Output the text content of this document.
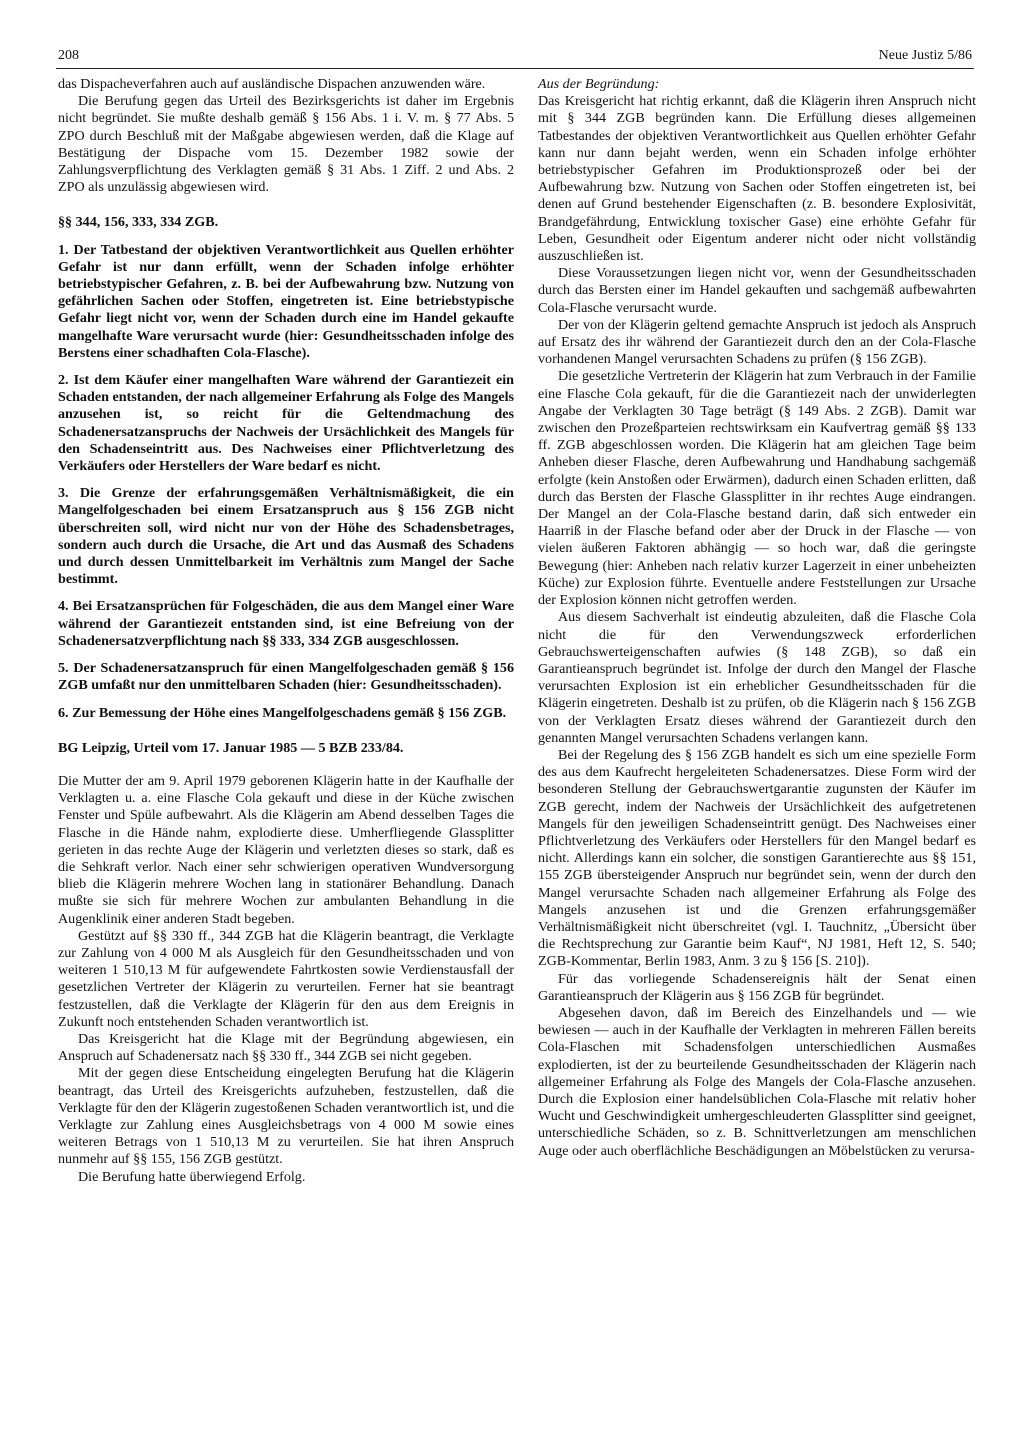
208	Neue Justiz 5/86

das Dispacheverfahren auch auf ausländische Dispachen anzuwenden wäre.

Die Berufung gegen das Urteil des Bezirksgerichts ist daher im Ergebnis nicht begründet. Sie mußte deshalb gemäß § 156 Abs. 1 i. V. m. § 77 Abs. 5 ZPO durch Beschluß mit der Maßgabe abgewiesen werden, daß die Klage auf Bestätigung der Dispache vom 15. Dezember 1982 sowie der Zahlungsverpflichtung des Verklagten gemäß § 31 Abs. 1 Ziff. 2 und Abs. 2 ZPO als unzulässig abgewiesen wird.

§§ 344, 156, 333, 334 ZGB.

1. Der Tatbestand der objektiven Verantwortlichkeit aus Quellen erhöhter Gefahr ist nur dann erfüllt, wenn der Schaden infolge erhöhter betriebstypischer Gefahren, z. B. bei der Aufbewahrung bzw. Nutzung von gefährlichen Sachen oder Stoffen, eingetreten ist. Eine betriebstypische Gefahr liegt nicht vor, wenn der Schaden durch eine im Handel gekaufte mangelhafte Ware verursacht wurde (hier: Gesundheitsschaden infolge des Berstens einer schadhaften Cola-Flasche).

2. Ist dem Käufer einer mangelhaften Ware während der Garantiezeit ein Schaden entstanden, der nach allgemeiner Erfahrung als Folge des Mangels anzusehen ist, so reicht für die Geltendmachung des Schadenersatzanspruchs der Nachweis der Ursächlichkeit des Mangels für den Schadenseintritt aus. Des Nachweises einer Pflichtverletzung des Verkäufers oder Herstellers der Ware bedarf es nicht.

3. Die Grenze der erfahrungsgemäßen Verhältnismäßigkeit, die ein Mangelfolgeschaden bei einem Ersatzanspruch aus § 156 ZGB nicht überschreiten soll, wird nicht nur von der Höhe des Schadensbetrages, sondern auch durch die Ursache, die Art und das Ausmaß des Schadens und durch dessen Unmittelbarkeit im Verhältnis zum Mangel der Sache bestimmt.

4. Bei Ersatzansprüchen für Folgeschäden, die aus dem Mangel einer Ware während der Garantiezeit entstanden sind, ist eine Befreiung von der Schadenersatzverpflichtung nach §§ 333, 334 ZGB ausgeschlossen.

5. Der Schadenersatzanspruch für einen Mangelfolgeschaden gemäß § 156 ZGB umfaßt nur den unmittelbaren Schaden (hier: Gesundheitsschaden).

6. Zur Bemessung der Höhe eines Mangelfolgeschadens gemäß § 156 ZGB.

BG Leipzig, Urteil vom 17. Januar 1985 — 5 BZB 233/84.

Die Mutter der am 9. April 1979 geborenen Klägerin hatte in der Kaufhalle der Verklagten u. a. eine Flasche Cola gekauft und diese in der Küche zwischen Fenster und Spüle aufbewahrt. Als die Klägerin am Abend desselben Tages die Flasche in die Hände nahm, explodierte diese. Umherfliegende Glassplitter gerieten in das rechte Auge der Klägerin und verletzten dieses so stark, daß es die Sehkraft verlor. Nach einer sehr schwierigen operativen Wundversorgung blieb die Klägerin mehrere Wochen lang in stationärer Behandlung. Danach mußte sie sich für mehrere Wochen zur ambulanten Behandlung in die Augenklinik einer anderen Stadt begeben.

Gestützt auf §§ 330 ff., 344 ZGB hat die Klägerin beantragt, die Verklagte zur Zahlung von 4 000 M als Ausgleich für den Gesundheitsschaden und von weiteren 1 510,13 M für aufgewendete Fahrtkosten sowie Verdienstausfall der gesetzlichen Vertreter der Klägerin zu verurteilen. Ferner hat sie beantragt festzustellen, daß die Verklagte der Klägerin für den aus dem Ereignis in Zukunft noch entstehenden Schaden verantwortlich ist.

Das Kreisgericht hat die Klage mit der Begründung abgewiesen, ein Anspruch auf Schadenersatz nach §§ 330 ff., 344 ZGB sei nicht gegeben.

Mit der gegen diese Entscheidung eingelegten Berufung hat die Klägerin beantragt, das Urteil des Kreisgerichts aufzuheben, festzustellen, daß die Verklagte für den der Klägerin zugestoßenen Schaden verantwortlich ist, und die Verklagte zur Zahlung eines Ausgleichsbetrags von 4 000 M sowie eines weiteren Betrags von 1 510,13 M zu verurteilen. Sie hat ihren Anspruch nunmehr auf §§ 155, 156 ZGB gestützt.

Die Berufung hatte überwiegend Erfolg.

Aus der Begründung:

Das Kreisgericht hat richtig erkannt, daß die Klägerin ihren Anspruch nicht mit § 344 ZGB begründen kann. Die Erfüllung dieses allgemeinen Tatbestandes der objektiven Verantwortlichkeit aus Quellen erhöhter Gefahr kann nur dann bejaht werden, wenn ein Schaden infolge erhöhter betriebstypischer Gefahren im Produktionsprozeß oder bei der Aufbewahrung bzw. Nutzung von Sachen oder Stoffen eingetreten ist, bei denen auf Grund bestehender Eigenschaften (z. B. besondere Explosivität, Brandgefährdung, Entwicklung toxischer Gase) eine erhöhte Gefahr für Leben, Gesundheit oder Eigentum anderer nicht oder nicht vollständig auszuschließen ist.

Diese Voraussetzungen liegen nicht vor, wenn der Gesundheitsschaden durch das Bersten einer im Handel gekauften und sachgemäß aufbewahrten Cola-Flasche verursacht wurde.

Der von der Klägerin geltend gemachte Anspruch ist jedoch als Anspruch auf Ersatz des ihr während der Garantiezeit durch den an der Cola-Flasche vorhandenen Mangel verursachten Schadens zu prüfen (§ 156 ZGB).

Die gesetzliche Vertreterin der Klägerin hat zum Verbrauch in der Familie eine Flasche Cola gekauft, für die die Garantiezeit nach der unwiderlegten Angabe der Verklagten 30 Tage beträgt (§ 149 Abs. 2 ZGB). Damit war zwischen den Prozeßparteien rechtswirksam ein Kaufvertrag gemäß §§ 133 ff. ZGB abgeschlossen worden. Die Klägerin hat am gleichen Tage beim Anheben dieser Flasche, deren Aufbewahrung und Handhabung sachgemäß erfolgte (kein Anstoßen oder Erwärmen), dadurch einen Schaden erlitten, daß durch das Bersten der Flasche Glassplitter in ihr rechtes Auge eindrangen. Der Mangel an der Cola-Flasche bestand darin, daß sich entweder ein Haarriß in der Flasche befand oder aber der Druck in der Flasche — von vielen äußeren Faktoren abhängig — so hoch war, daß die geringste Bewegung (hier: Anheben nach relativ kurzer Lagerzeit in einer unbeheizten Küche) zur Explosion führte. Eventuelle andere Feststellungen zur Ursache der Explosion können nicht getroffen werden.

Aus diesem Sachverhalt ist eindeutig abzuleiten, daß die Flasche Cola nicht die für den Verwendungszweck erforderlichen Gebrauchswerteigenschaften aufwies (§ 148 ZGB), so daß ein Garantieanspruch begründet ist. Infolge der durch den Mangel der Flasche verursachten Explosion ist ein erheblicher Gesundheitsschaden für die Klägerin eingetreten. Deshalb ist zu prüfen, ob die Klägerin nach § 156 ZGB von der Verklagten Ersatz dieses während der Garantiezeit durch den genannten Mangel verursachten Schadens verlangen kann.

Bei der Regelung des § 156 ZGB handelt es sich um eine spezielle Form des aus dem Kaufrecht hergeleiteten Schadenersatzes. Diese Form wird der besonderen Stellung der Gebrauchswertgarantie zugunsten der Käufer im ZGB gerecht, indem der Nachweis der Ursächlichkeit des aufgetretenen Mangels für den jeweiligen Schadenseintritt genügt. Des Nachweises einer Pflichtverletzung des Verkäufers oder Herstellers für den Mangel bedarf es nicht. Allerdings kann ein solcher, die sonstigen Garantierechte aus §§ 151, 155 ZGB übersteigender Anspruch nur begründet sein, wenn der durch den Mangel verursachte Schaden nach allgemeiner Erfahrung als Folge des Mangels anzusehen ist und die Grenzen erfahrungsgemäßer Verhältnismäßigkeit nicht überschreitet (vgl. I. Tauchnitz, „Übersicht über die Rechtsprechung zur Garantie beim Kauf“, NJ 1981, Heft 12, S. 540; ZGB-Kommentar, Berlin 1983, Anm. 3 zu § 156 [S. 210]).

Für das vorliegende Schadensereignis hält der Senat einen Garantieanspruch der Klägerin aus § 156 ZGB für begründet.

Abgesehen davon, daß im Bereich des Einzelhandels und — wie bewiesen — auch in der Kaufhalle der Verklagten in mehreren Fällen bereits Cola-Flaschen mit Schadensfolgen unterschiedlichen Ausmaßes explodierten, ist der zu beurteilende Gesundheitsschaden der Klägerin nach allgemeiner Erfahrung als Folge des Mangels der Cola-Flasche anzusehen. Durch die Explosion einer handelsüblichen Cola-Flasche mit relativ hoher Wucht und Geschwindigkeit umhergeschleuderten Glassplitter sind geeignet, unterschiedliche Schäden, so z. B. Schnittverletzungen am menschlichen Auge oder auch oberflächliche Beschädigungen an Möbelstücken zu verursa-
